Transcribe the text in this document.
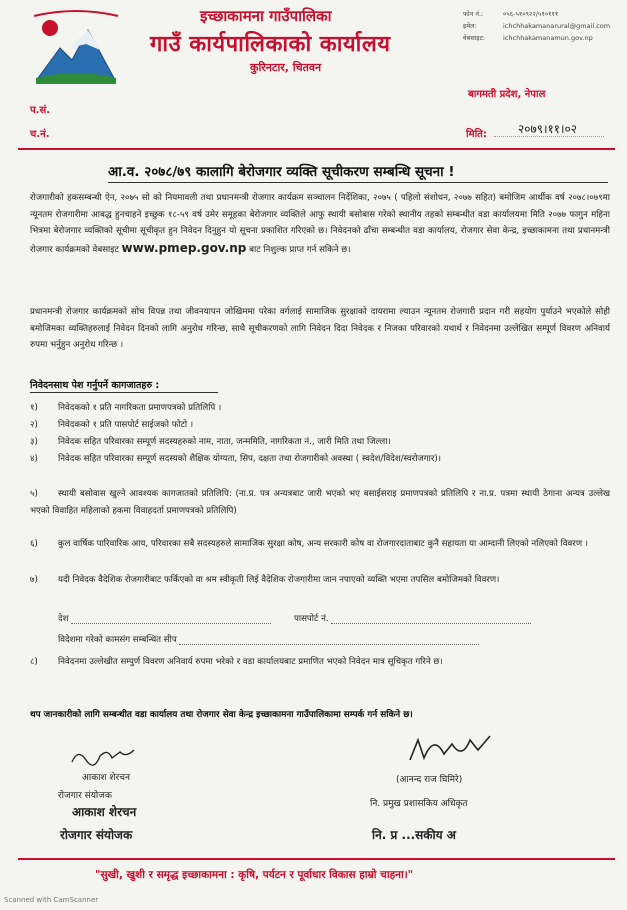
इच्छाकामना गाउँपालिका
गाउँ कार्यपालिकाको कार्यालय
कुरिनटार, चितवन
फोन नं.:	०५६-५१०९२२/५१०१११
इमेल:	ichchhakamanarural@gmail.com
वेबसाइट:	ichchhakamanamun.gov.np
बागमती प्रदेश, नेपाल
प.सं.
च.नं.	मिति:	२०७९।११।०२
आ.व. २०७८/७९ कालागि बेरोजगार व्यक्ति सूचीकरण सम्बन्धि सूचना !
रोजगारीको हकसम्बन्धी ऐन, २०७५ सो को नियमावली तथा प्रधानमन्त्री रोजगार कार्यक्रम सञ्चालन निर्देशिका, २०७५ ( पहिलो संशोधन, २०७७ सहित) बमोजिम आर्थीक वर्ष २०७८।०७९मा न्यूनतम रोजगारीमा आबद्ध हुनचाहने इच्छुक १८-५९ वर्ष उमेर समूहका बेरोजगार व्यक्तिले आफु स्थायी बसोबास गरेको स्थानीय तहको सम्बन्धीत वडा कार्यालयमा मिति २०७७ फागुन महिना भित्रमा बेरोजगार व्यक्तिको सूचीमा सूचीकृत हुन निवेदन दिनुहुन यो सूचना प्रकाशित गरिएको छ। निवेदनको ढाँचा सम्बन्धीत वडा कार्यालय, रोजगार सेवा केन्द्र, इच्छाकामना तथा प्रधानमन्त्री रोजगार कार्यक्रमको वेबसाइट www.pmep.gov.np बाट निशुल्क प्राप्त गर्न सकिने छ।
प्रधानमन्त्री रोजगार कार्यक्रमको सोच विपन्न तथा जीवनयापन जोखिममा परेका वर्गलाई सामाजिक सुरक्षाको दायरामा ल्याउन न्यूनतम रोजगारी प्रदान गरी सहयोग पुर्याउने भएकोले सोही बमोजिमका व्यक्तिहरुलाई निवेदन दिनको लागि अनुरोध गरिन्छ, साथै सूचीकरणको लागि निवेदन दिदा निवेदक र निजका परिवारको यथार्थ र निवेदनमा उल्लेखित सम्पूर्ण विवरण अनिवार्य रुपमा भर्नुहुन अनुरोध गरिन्छ ।
निवेदनसाथ पेश गर्नुपर्ने कागजातहरु :
१) निवेदकको १ प्रति नागरिकता प्रमाणपत्रको प्रतिलिपि ।
२) निवेदकको १ प्रति पासपोर्ट साईजको फोटो ।
३) निवेदक सहित परिवारका सम्पूर्ण सदस्यहरुको नाम, नाता, जन्ममिति, नागरिकता नं., जारी मिति तथा जिल्ला।
४) निवेदक सहित परिवारका सम्पूर्ण सदस्यको शैक्षिक योग्यता, सिप, दक्षता तथा रोजगारीको अवस्था ( स्वदेश/विदेश/स्वरोजगार)।
५) स्थायी बसोवास खुल्ने आवश्यक कागजातको प्रतिलिपि: (ना.प्र. पत्र अन्यत्रबाट जारी भएको भए बसाईसराइ प्रमाणपत्रको प्रतिलिपि र ना.प्र. पत्रमा स्थायी ठेगाना अन्यत्र उल्लेख भएको विवाहित महिलाको हकमा विवाहदर्ता प्रमाणपत्रको प्रतिलिपि)
६) कुल वार्षिक पारिवारिक आय, परिवारका सबै सदस्यहरुले सामाजिक सुरक्षा कोष, अन्य सरकारी कोष वा रोजगारदाताबाट कुनै सहायता या आम्दानी लिएको नलिएको विवरण ।
७) यदी निवेदक वैदेशिक रोजगारीबाट फर्किएको वा श्रम स्वीकृती लिई वैदेशिक रोजगारीमा जान नपाएको व्यक्ति भएमा तपसिल बमोजिमको विवरण।
देश	पासपोर्ट नं.
विदेशमा गरेको कामसंग सम्बन्धित सीप
८) निवेदनमा उल्लेखीत सम्पुर्ण विवरण अनिवार्य रुपमा भरेको र वडा कार्यालयबाट प्रमाणित भएको निवेदन मात्र सूचिकृत गरिने छ।
थप जानकारीको लागि सम्बन्धीत वडा कार्यालय तथा रोजगार सेवा केन्द्र इच्छाकामना गाउँपालिकामा सम्पर्क गर्न सकिने छ।
आकाश शेरचन
रोजगार संयोजक
आकाश शेरचन
रोजगार संयोजक
(आनन्द राज घिमिरे)
नि. प्रमुख प्रशासकिय अधिकृत
नि. प्र ...सकीय अ
"सुखी, खुशी र समृद्ध इच्छाकामना : कृषि, पर्यटन र पूर्वाधार विकास हाम्रो चाहना।"
Scanned with CamScanner
